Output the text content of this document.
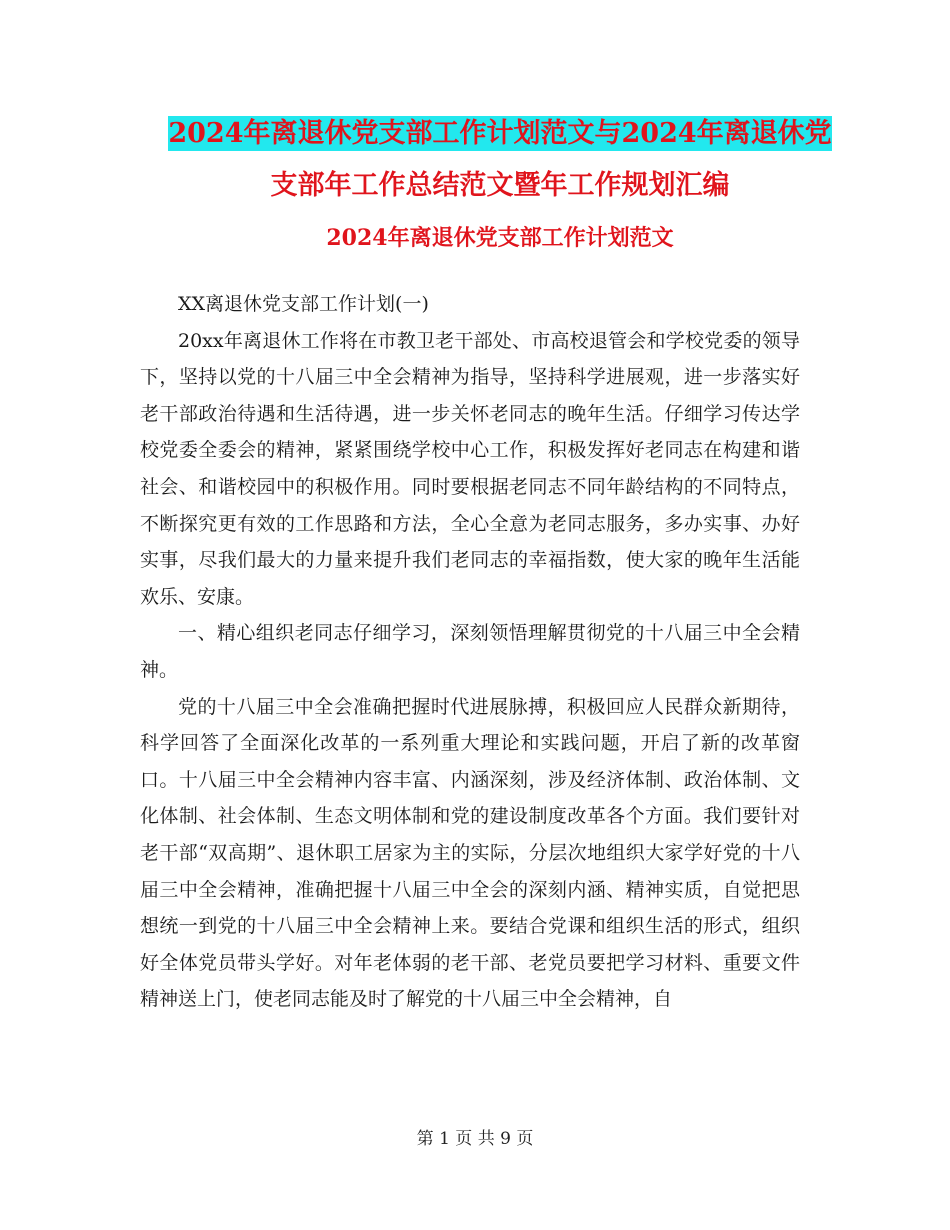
2024年离退休党支部工作计划范文与2024年离退休党
支部年工作总结范文暨年工作规划汇编
2024年离退休党支部工作计划范文

XX离退休党支部工作计划(一)

20xx年离退休工作将在市教卫老干部处、市高校退管会和学校党委的领导下，坚持以党的十八届三中全会精神为指导，坚持科学进展观，进一步落实好老干部政治待遇和生活待遇，进一步关怀老同志的晚年生活。仔细学习传达学校党委全委会的精神，紧紧围绕学校中心工作，积极发挥好老同志在构建和谐社会、和谐校园中的积极作用。同时要根据老同志不同年龄结构的不同特点，不断探究更有效的工作思路和方法，全心全意为老同志服务，多办实事、办好实事，尽我们最大的力量来提升我们老同志的幸福指数，使大家的晚年生活能欢乐、安康。

一、精心组织老同志仔细学习，深刻领悟理解贯彻党的十八届三中全会精神。

党的十八届三中全会准确把握时代进展脉搏，积极回应人民群众新期待，科学回答了全面深化改革的一系列重大理论和实践问题，开启了新的改革窗口。十八届三中全会精神内容丰富、内涵深刻，涉及经济体制、政治体制、文化体制、社会体制、生态文明体制和党的建设制度改革各个方面。我们要针对老干部“双高期”、退休职工居家为主的实际，分层次地组织大家学好党的十八届三中全会精神，准确把握十八届三中全会的深刻内涵、精神实质，自觉把思想统一到党的十八届三中全会精神上来。要结合党课和组织生活的形式，组织好全体党员带头学好。对年老体弱的老干部、老党员要把学习材料、重要文件精神送上门，使老同志能及时了解党的十八届三中全会精神，自

第 1 页 共 9 页
